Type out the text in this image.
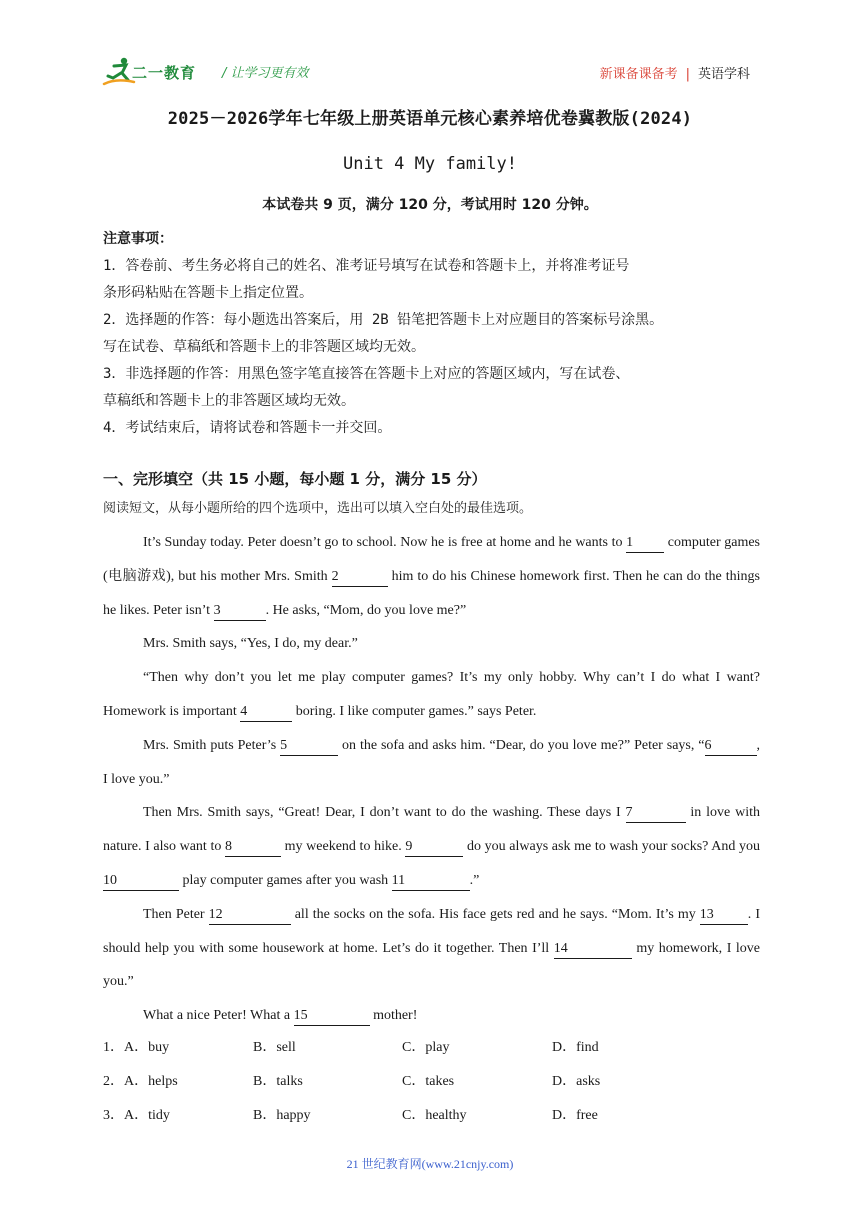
二一教育 / 让学习更有效	新课备课备考 | 英语学科
2025－2026学年七年级上册英语单元核心素养培优卷冀教版(2024)
Unit 4 My family!
本试卷共 9 页，满分 120 分，考试用时 120 分钟。
注意事项：
1．答卷前、考生务必将自己的姓名、准考证号填写在试卷和答题卡上，并将准考证号
条形码粘贴在答题卡上指定位置。
2．选择题的作答：每小题选出答案后，用 2B 铅笔把答题卡上对应题目的答案标号涂黑。
写在试卷、草稿纸和答题卡上的非答题区域均无效。
3．非选择题的作答：用黑色签字笔直接答在答题卡上对应的答题区域内，写在试卷、
草稿纸和答题卡上的非答题区域均无效。
4．考试结束后，请将试卷和答题卡一并交回。
一、完形填空（共 15 小题，每小题 1 分，满分 15 分）
阅读短文，从每小题所给的四个选项中，选出可以填入空白处的最佳选项。

It’s Sunday today. Peter doesn’t go to school. Now he is free at home and he wants to 1 computer games (电脑游戏), but his mother Mrs. Smith 2	him to do his Chinese homework first. Then he can do the things he likes. Peter isn’t 3	. He asks, “Mom, do you love me?”

Mrs. Smith says, “Yes, I do, my dear.”

“Then why don’t you let me play computer games? It’s my only hobby. Why can’t I do what I want? Homework is important 4	boring. I like computer games.” says Peter.

Mrs. Smith puts Peter’s 5	on the sofa and asks him. “Dear, do you love me?” Peter says, “6	, I love you.”

Then Mrs. Smith says, “Great! Dear, I don’t want to do the washing. These days I 7	in love with nature. I also want to 8	my weekend to hike. 9	do you always ask me to wash your socks? And you 10	play computer games after you wash 11	.”

Then Peter 12	all the socks on the sofa. His face gets red and he says. “Mom. It’s my 13 . I should help you with some housework at home. Let’s do it together. Then I’ll 14	my homework, I love you.”

What a nice Peter! What a 15	mother!

1．A．buy	B．sell	C．play	D．find
2．A．helps	B．talks	C．takes	D．asks
3．A．tidy	B．happy	C．healthy	D．free
21 世纪教育网(www.21cnjy.com)
